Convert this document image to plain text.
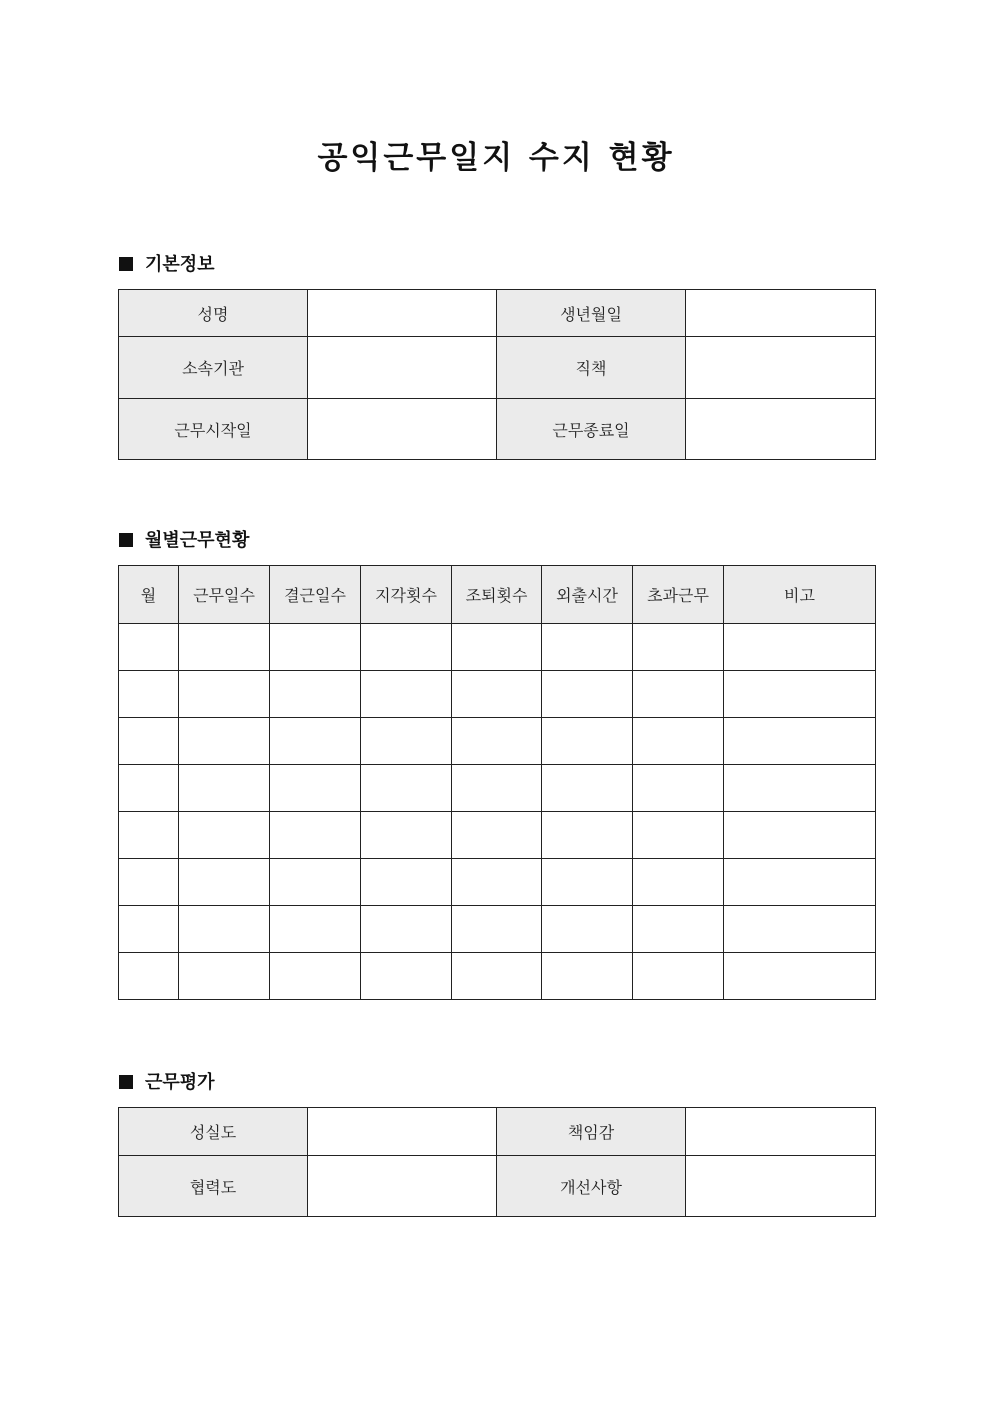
공익근무일지 수지 현황
기본정보
성명		생년월일	
소속기관		직책	
근무시작일		근무종료일	
월별근무현황
월	근무일수	결근일수	지각횟수	조퇴횟수	외출시간	초과근무	비고

근무평가
성실도		책임감	
협력도		개선사항	
